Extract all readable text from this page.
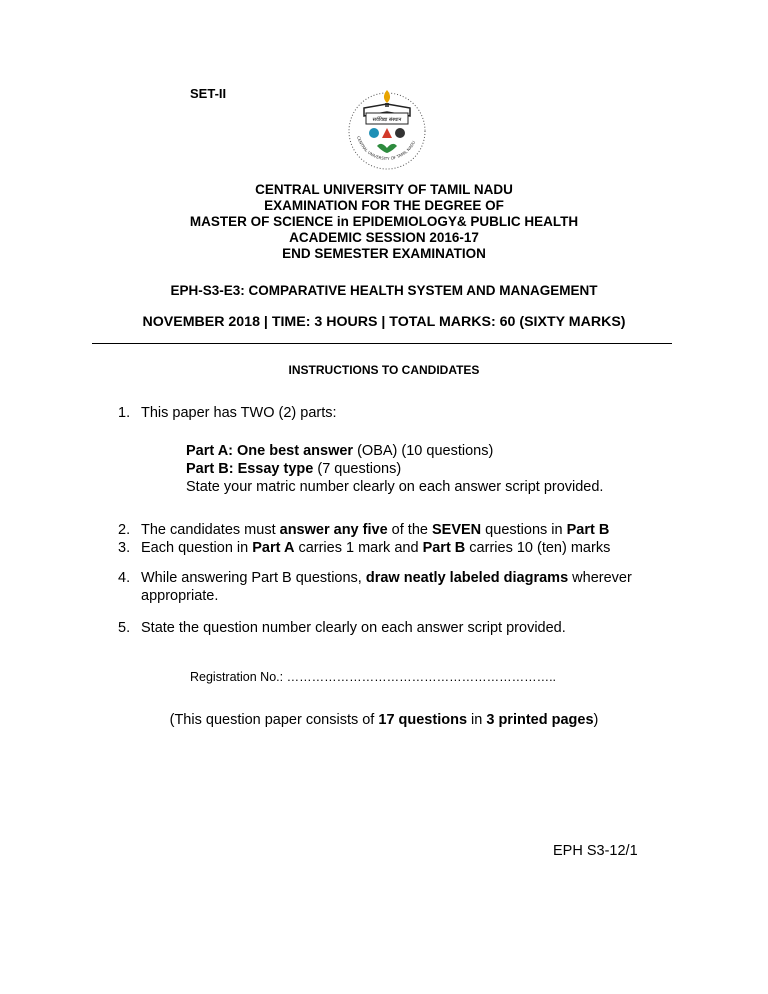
SET-II
सर्वविद्या संस्थान
CENTRAL UNIVERSITY OF TAMIL NADU
CENTRAL UNIVERSITY OF TAMIL NADU
EXAMINATION FOR THE DEGREE OF
MASTER OF SCIENCE in EPIDEMIOLOGY& PUBLIC HEALTH
ACADEMIC SESSION 2016-17
END SEMESTER EXAMINATION
EPH-S3-E3: COMPARATIVE HEALTH SYSTEM AND MANAGEMENT
NOVEMBER 2018 | TIME: 3 HOURS | TOTAL MARKS: 60 (SIXTY MARKS)
INSTRUCTIONS TO CANDIDATES
1. This paper has TWO (2) parts:
Part A: One best answer (OBA) (10 questions)
Part B: Essay type (7 questions)
State your matric number clearly on each answer script provided.
2. The candidates must answer any five of the SEVEN questions in Part B
3. Each question in Part A carries 1 mark and Part B carries 10 (ten) marks
4. While answering Part B questions, draw neatly labeled diagrams wherever
appropriate.
5. State the question number clearly on each answer script provided.
Registration No.: ………………………………………………………..
(This question paper consists of 17 questions in 3 printed pages)
EPH S3-12/1
